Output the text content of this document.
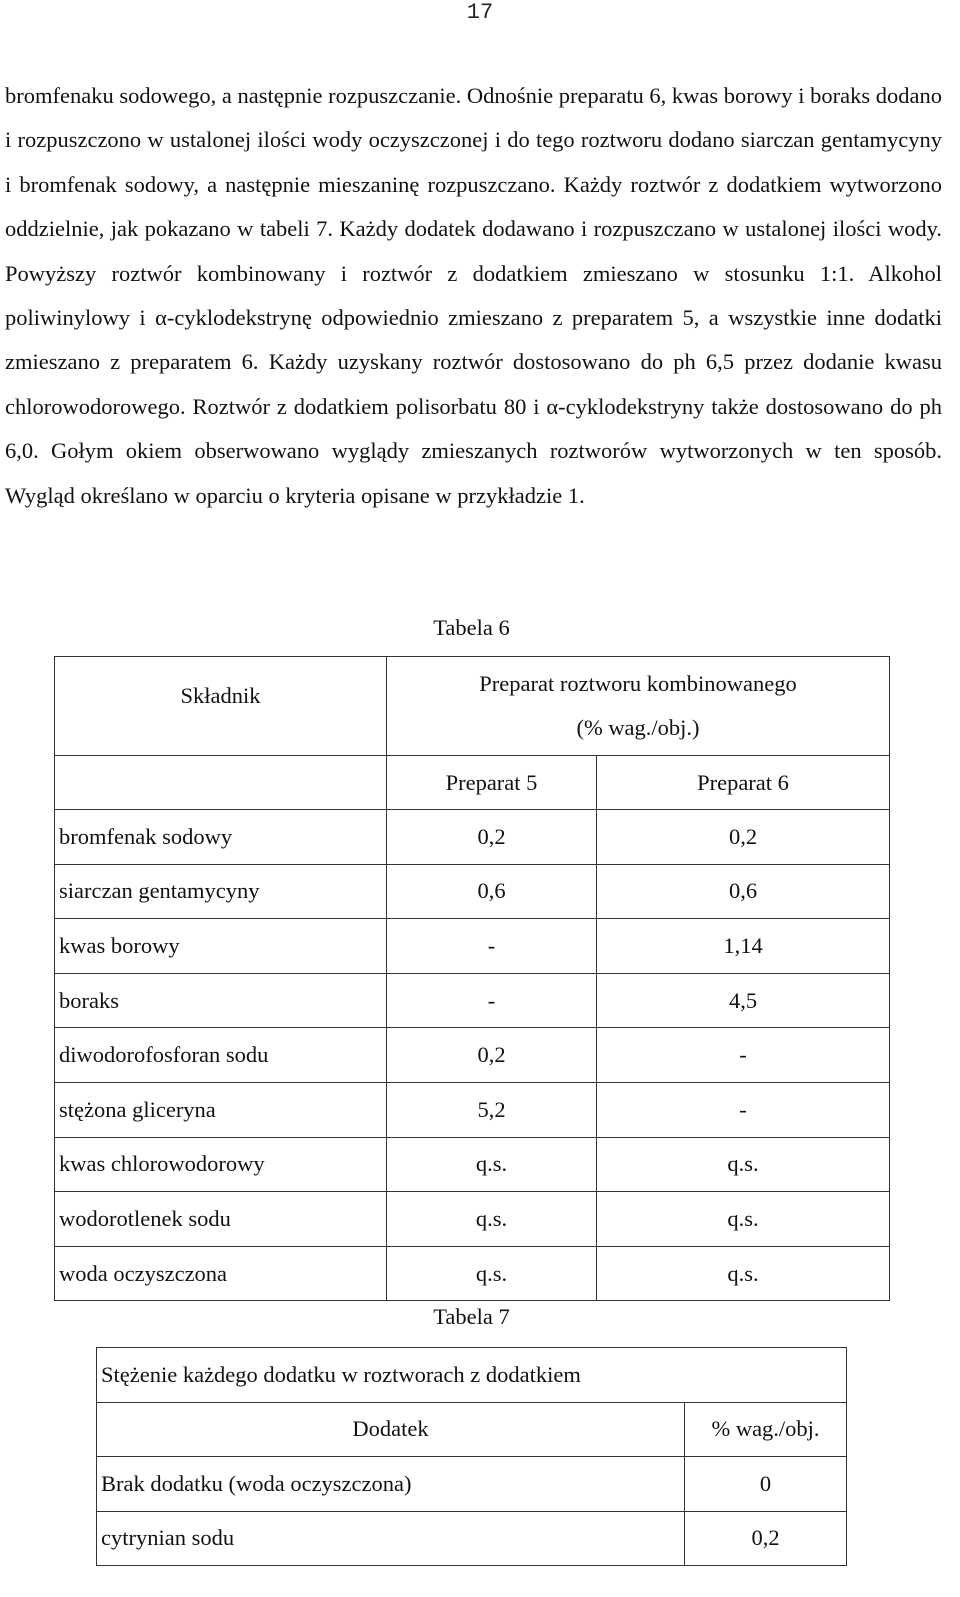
17

bromfenaku sodowego, a następnie rozpuszczanie. Odnośnie preparatu 6, kwas borowy i boraks dodano i rozpuszczono w ustalonej ilości wody oczyszczonej i do tego roztworu dodano siarczan gentamycyny i bromfenak sodowy, a następnie mieszaninę rozpuszczano. Każdy roztwór z dodatkiem wytworzono oddzielnie, jak pokazano w tabeli 7. Każdy dodatek dodawano i rozpuszczano w ustalonej ilości wody. Powyższy roztwór kombinowany i roztwór z dodatkiem zmieszano w stosunku 1:1. Alkohol poliwinylowy i α-cyklodekstrynę odpowiednio zmieszano z preparatem 5, a wszystkie inne dodatki zmieszano z preparatem 6. Każdy uzyskany roztwór dostosowano do ph 6,5 przez dodanie kwasu chlorowodorowego. Roztwór z dodatkiem polisorbatu 80 i α-cyklodekstryny także dostosowano do ph 6,0. Gołym okiem obserwowano wyglądy zmieszanych roztworów wytworzonych w ten sposób. Wygląd określano w oparciu o kryteria opisane w przykładzie 1.

Tabela 6
Składnik	Preparat roztworu kombinowanego
(% wag./obj.)	

	Preparat 5	Preparat 6
bromfenak sodowy	0,2	0,2
siarczan gentamycyny	0,6	0,6
kwas borowy	-	1,14
boraks	-	4,5
diwodorofosforan sodu	0,2	-
stężona gliceryna	5,2	-
kwas chlorowodorowy	q.s.	q.s.
wodorotlenek sodu	q.s.	q.s.
woda oczyszczona	q.s.	q.s.
Tabela 7
Stężenie każdego dodatku w roztworach z dodatkiem	
Dodatek	% wag./obj.
Brak dodatku (woda oczyszczona)	0
cytrynian sodu	0,2
